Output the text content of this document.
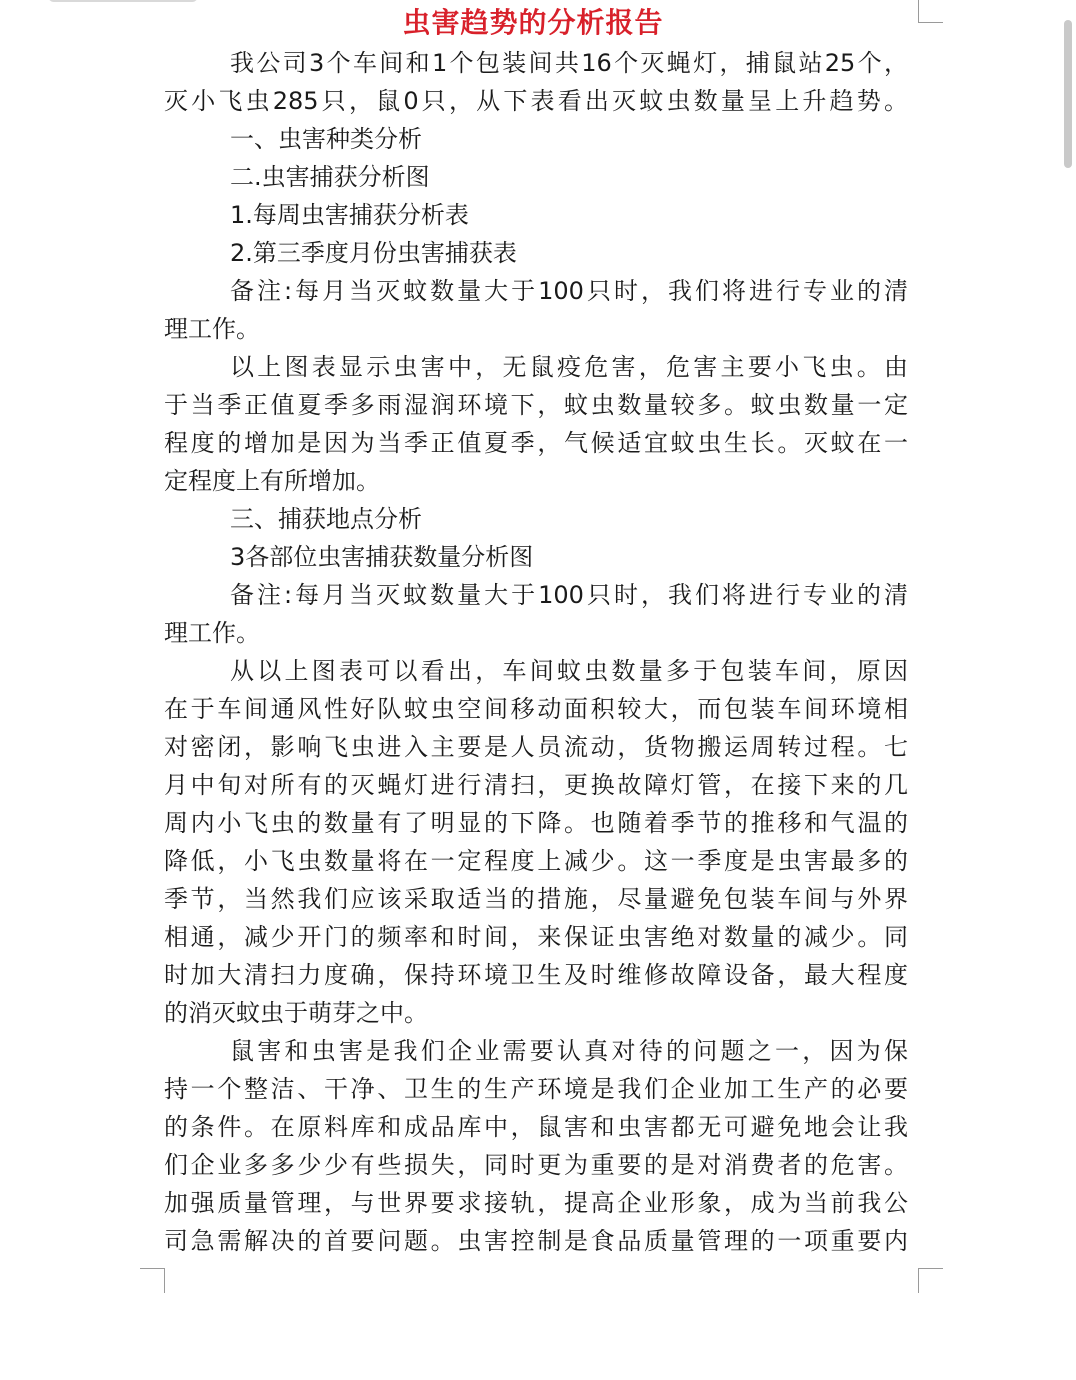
虫害趋势的分析报告
我公司3个车间和1个包装间共16个灭蝇灯，捕鼠站25个，
灭小飞虫285只，鼠0只，从下表看出灭蚊虫数量呈上升趋势。
一、虫害种类分析
二.虫害捕获分析图
1.每周虫害捕获分析表
2.第三季度月份虫害捕获表
备注:每月当灭蚊数量大于100只时，我们将进行专业的清
理工作。
以上图表显示虫害中，无鼠疫危害，危害主要小飞虫。由
于当季正值夏季多雨湿润环境下，蚊虫数量较多。蚊虫数量一定
程度的增加是因为当季正值夏季，气候适宜蚊虫生长。灭蚊在一
定程度上有所增加。
三、捕获地点分析
3各部位虫害捕获数量分析图
备注:每月当灭蚊数量大于100只时，我们将进行专业的清
理工作。
从以上图表可以看出，车间蚊虫数量多于包装车间，原因
在于车间通风性好队蚊虫空间移动面积较大，而包装车间环境相
对密闭，影响飞虫进入主要是人员流动，货物搬运周转过程。七
月中旬对所有的灭蝇灯进行清扫，更换故障灯管，在接下来的几
周内小飞虫的数量有了明显的下降。也随着季节的推移和气温的
降低，小飞虫数量将在一定程度上减少。这一季度是虫害最多的
季节，当然我们应该采取适当的措施，尽量避免包装车间与外界
相通，减少开门的频率和时间，来保证虫害绝对数量的减少。同
时加大清扫力度确，保持环境卫生及时维修故障设备，最大程度
的消灭蚊虫于萌芽之中。
鼠害和虫害是我们企业需要认真对待的问题之一，因为保
持一个整洁、干净、卫生的生产环境是我们企业加工生产的必要
的条件。在原料库和成品库中，鼠害和虫害都无可避免地会让我
们企业多多少少有些损失，同时更为重要的是对消费者的危害。
加强质量管理，与世界要求接轨，提高企业形象，成为当前我公
司急需解决的首要问题。虫害控制是食品质量管理的一项重要内
